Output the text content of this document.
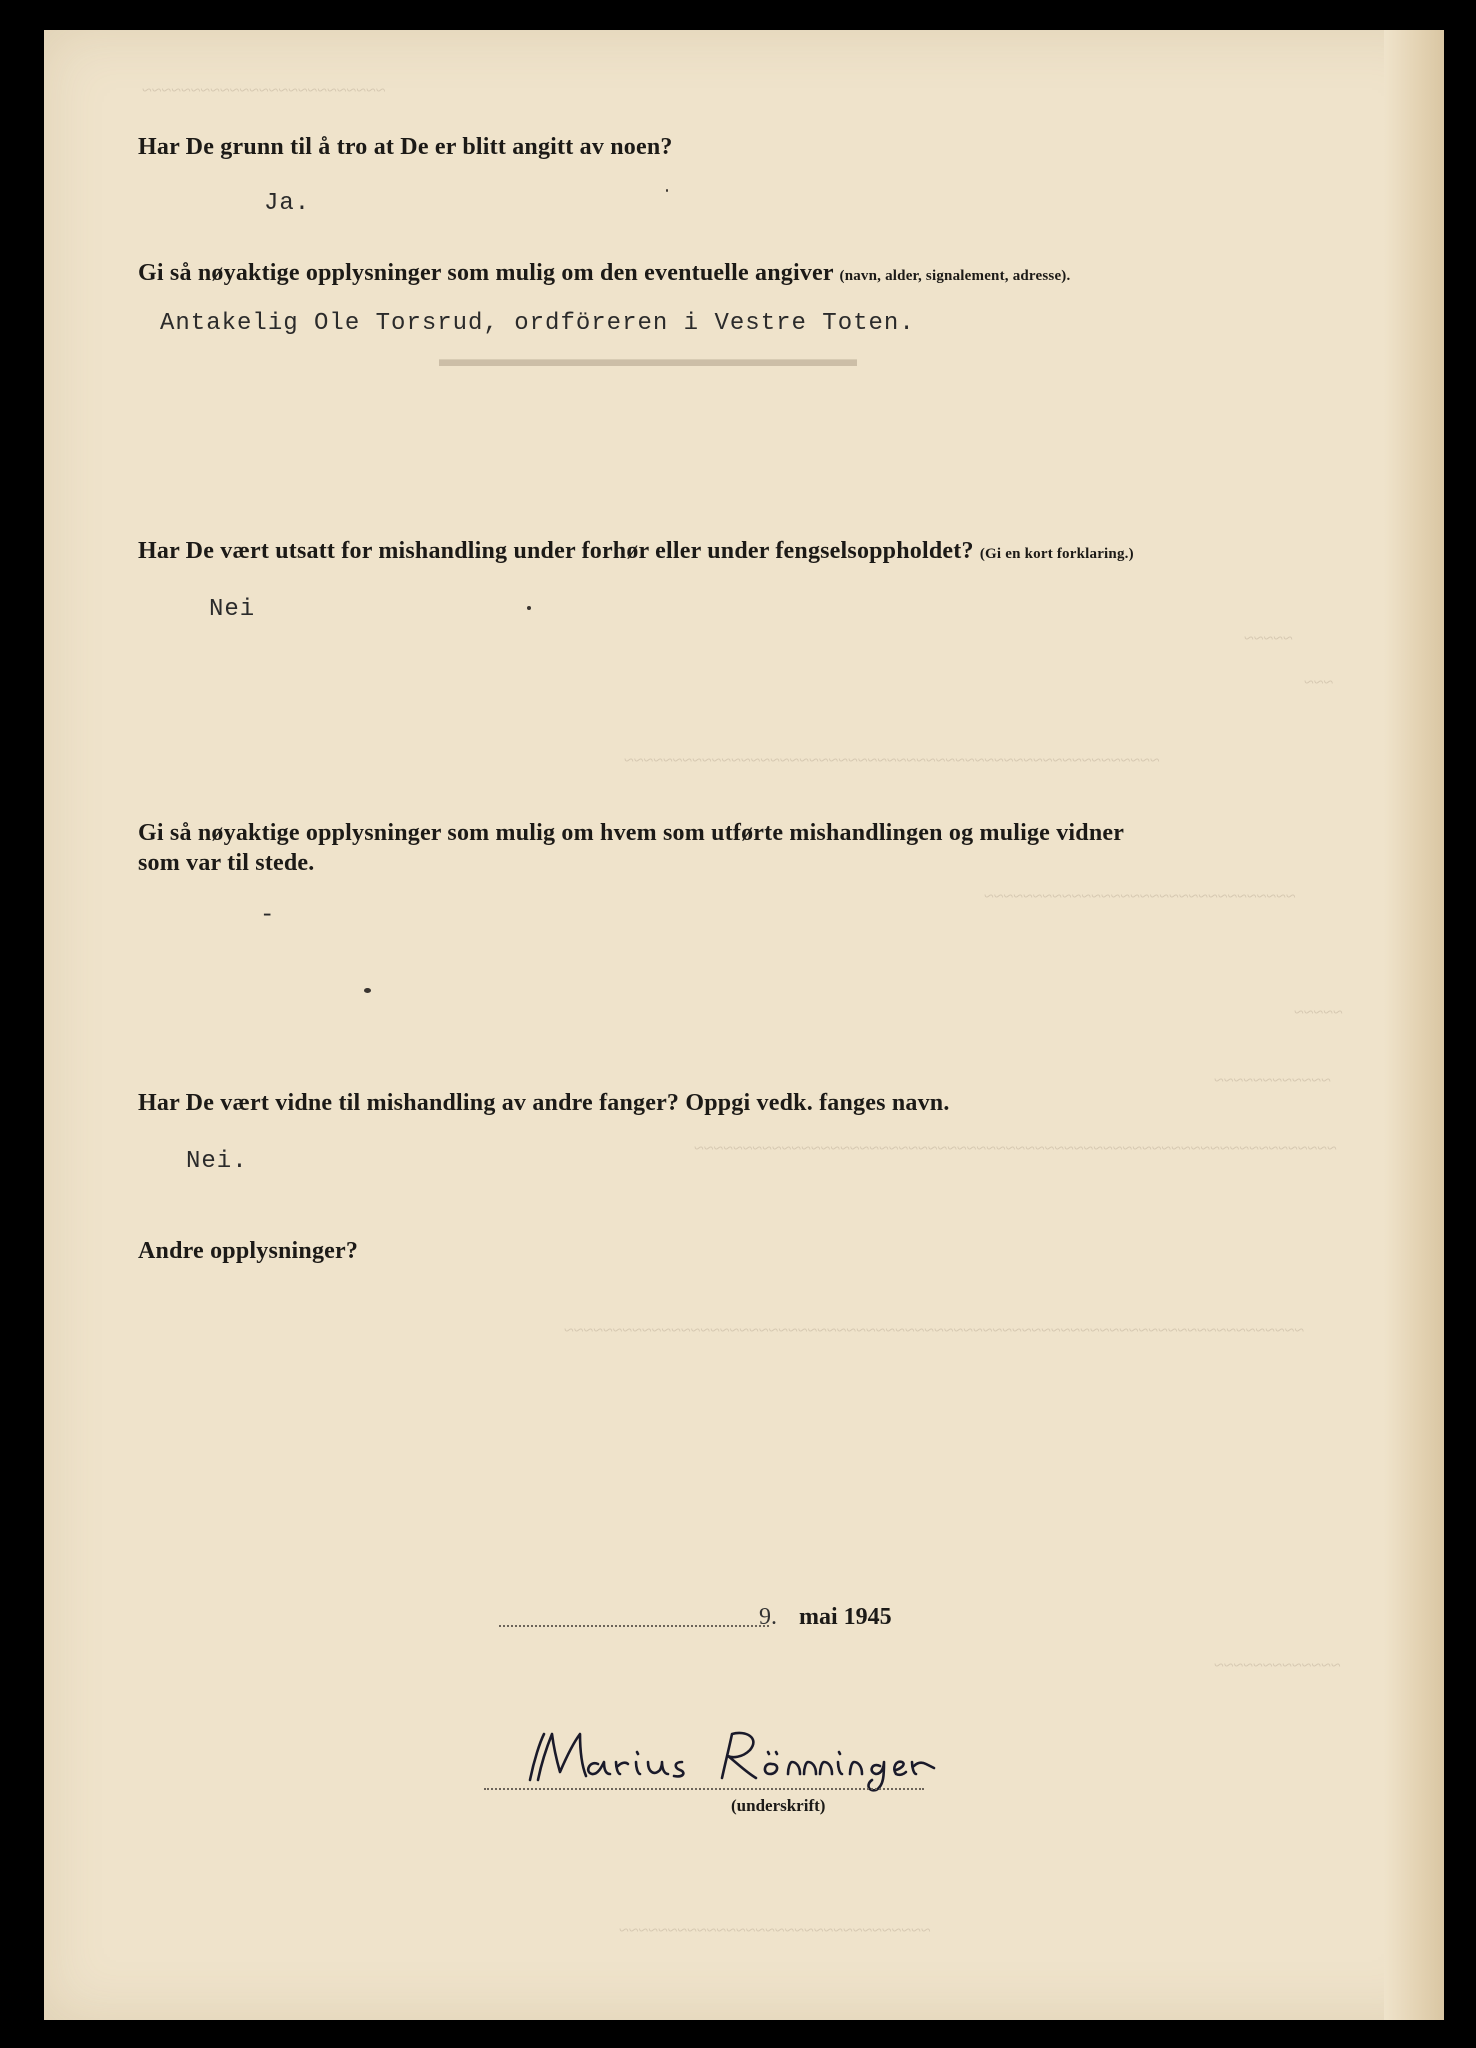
~~~~~~~~~~~~~~~~~~~~~~~~~
▬▬▬▬▬▬▬▬▬▬▬▬▬▬▬▬▬▬▬
~~~~~
~~~
~~~~~~~~~~~~~~~~~~~~~~~~~~~~~~~~~~~~~~~~~~~~~~~~~~~~~~~
~~~~~~~~~~~~~~~~~~~~~~~~~~~~~~~~
~~~~~
~~~~~~~~~~~~
~~~~~~~~~~~~~~~~~~~~~~~~~~~~~~~~~~~~~~~~~~~~~~~~~~~~~~~~~~~~~~~~~~
~~~~~~~~~~~~~~~~~~~~~~~~~~~~~~~~~~~~~~~~~~~~~~~~~~~~~~~~~~~~~~~~~~~~~~~~~~~~
~~~~~~~~~~~~~
~~~~~~~~~~~~~~~~~~~~~~~~~~~~~~~~
Har De grunn til å tro at De er blitt angitt av noen?
Ja.
Gi så nøyaktige opplysninger som mulig om den eventuelle angiver (navn, alder, signalement, adresse).
Antakelig Ole Torsrud, ordföreren i Vestre Toten.
Har De vært utsatt for mishandling under forhør eller under fengselsoppholdet? (Gi en kort forklaring.)
Nei
Gi så nøyaktige opplysninger som mulig om hvem som utførte mishandlingen og mulige vidner
som var til stede.
-
Har De vært vidne til mishandling av andre fanger? Oppgi vedk. fanges navn.
Nei.
Andre opplysninger?
9. mai 1945
(underskrift)
